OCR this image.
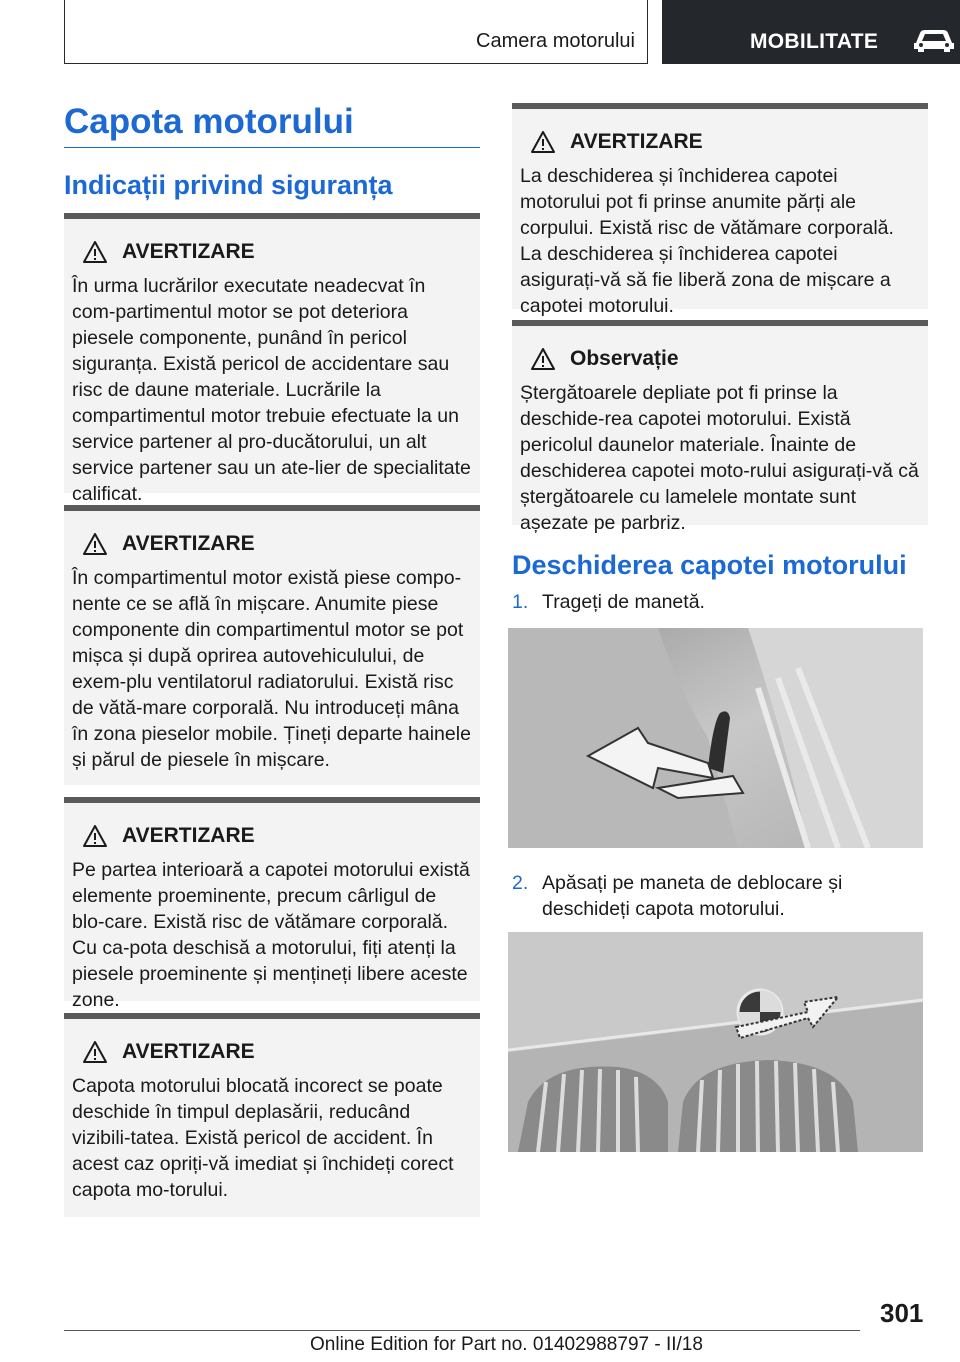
Camera motorului	MOBILITATE
Capota motorului
Indicații privind siguranța
AVERTIZARE

În urma lucrărilor executate neadecvat în com-partimentul motor se pot deteriora piesele componente, punând în pericol siguranța. Există pericol de accidentare sau risc de daune materiale. Lucrările la compartimentul motor trebuie efectuate la un service partener al pro-ducătorului, un alt service partener sau un ate-lier de specialitate calificat.

AVERTIZARE

În compartimentul motor există piese compo-nente ce se află în mișcare. Anumite piese componente din compartimentul motor se pot mișca și după oprirea autovehiculului, de exem-plu ventilatorul radiatorului. Există risc de vătă-mare corporală. Nu introduceți mâna în zona pieselor mobile. Țineți departe hainele și părul de piesele în mișcare.

AVERTIZARE

Pe partea interioară a capotei motorului există elemente proeminente, precum cârligul de blo-care. Există risc de vătămare corporală. Cu ca-pota deschisă a motorului, fiți atenți la piesele proeminente și mențineți libere aceste zone.

AVERTIZARE

Capota motorului blocată incorect se poate deschide în timpul deplasării, reducând vizibili-tatea. Există pericol de accident. În acest caz opriți-vă imediat și închideți corect capota mo-torului.

AVERTIZARE

La deschiderea și închiderea capotei motorului pot fi prinse anumite părți ale corpului. Există risc de vătămare corporală. La deschiderea și închiderea capotei asigurați-vă să fie liberă zona de mișcare a capotei motorului.

Observație

Ștergătoarele depliate pot fi prinse la deschide-rea capotei motorului. Există pericolul daunelor materiale. Înainte de deschiderea capotei moto-rului asigurați-vă că ștergătoarele cu lamelele montate sunt așezate pe parbriz.

Deschiderea capotei motorului
1. Trageți de manetă.
2. Apăsați pe maneta de deblocare și deschideți capota motorului.
301
Online Edition for Part no. 01402988797 - II/18
